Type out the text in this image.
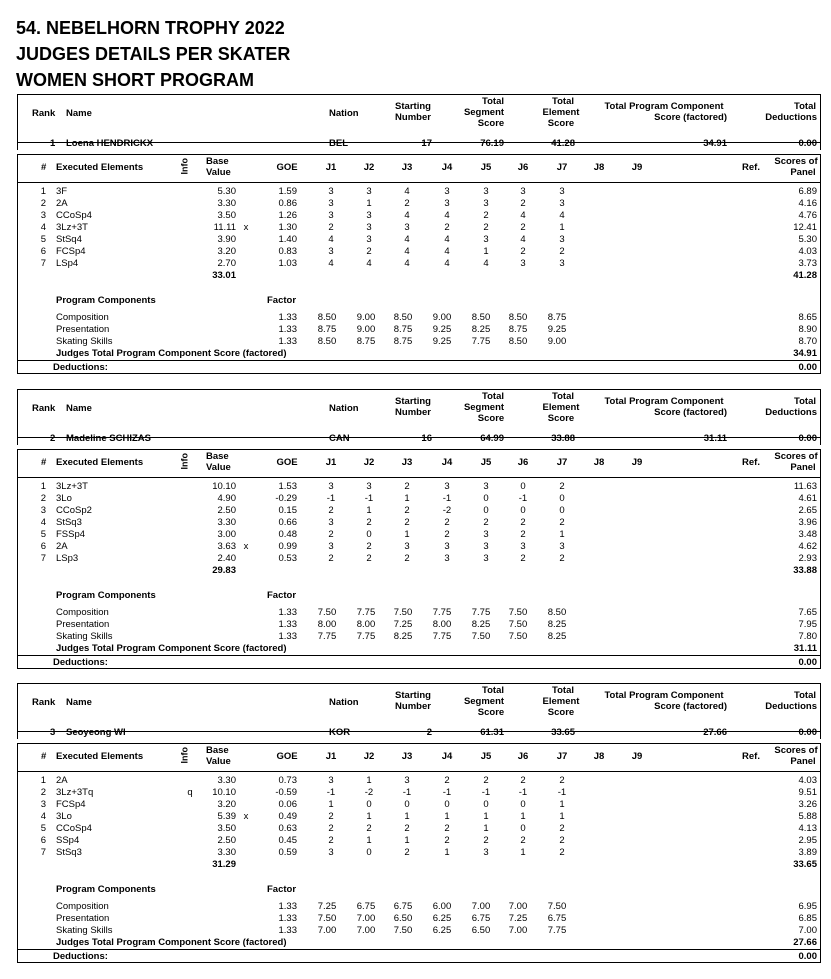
54. NEBELHORN TROPHY 2022
JUDGES DETAILS PER SKATER
WOMEN SHORT PROGRAM
Rank Name	Nation
Starting
Number
Total
Segment
Score
Total
Element
Score
Total Program Component
Score (factored)
Total
Deductions
1 Loena HENDRICKX	BEL	17	76.19	41.28	34.91	0.00
# Executed Elements	Info Base
Value	GOE	J1	J2	J3	J4	J5	J6	J7	J8	J9	Ref.
Scores of
Panel
1 3F	5.30	1.59	3	3	4	3	3	3	3	6.89
2 2A	3.30	0.86	3	1	2	3	3	2	3	4.16
3 CCoSp4	3.50	1.26	3	3	4	4	2	4	4	4.76
4 3Lz+3T	11.11 x	1.30	2	3	3	2	2	2	1	12.41
5 StSq4	3.90	1.40	4	3	4	4	3	4	3	5.30
6 FCSp4	3.20	0.83	3	2	4	4	1	2	2	4.03
7 LSp4	2.70	1.03	4	4	4	4	4	3	3	3.73
33.01	41.28
Program Components	Factor
Composition	1.33 8.50 9.00 8.50 9.00 8.50 8.50 8.75	8.65
Presentation	1.33 8.75 9.00 8.75 9.25 8.25 8.75 9.25	8.90
Skating Skills	1.33 8.50 8.75 8.75 9.25 7.75 8.50 9.00	8.70
Judges Total Program Component Score (factored)	34.91
Deductions:	0.00
Rank Name	Nation
Starting
Number
Total
Segment
Score
Total
Element
Score
Total Program Component
Score (factored)
Total
Deductions
2 Madeline SCHIZAS	CAN	16	64.99	33.88	31.11	0.00
# Executed Elements	Info Base
Value	GOE	J1	J2	J3	J4	J5	J6	J7	J8	J9	Ref.
Scores of
Panel
1 3Lz+3T	10.10	1.53	3	3	2	3	3	0	2	11.63
2 3Lo	4.90	-0.29	-1	-1	1	-1	0	-1	0	4.61
3 CCoSp2	2.50	0.15	2	1	2	-2	0	0	0	2.65
4 StSq3	3.30	0.66	3	2	2	2	2	2	2	3.96
5 FSSp4	3.00	0.48	2	0	1	2	3	2	1	3.48
6 2A	3.63 x	0.99	3	2	3	3	3	3	3	4.62
7 LSp3	2.40	0.53	2	2	2	3	3	2	2	2.93
29.83	33.88
Program Components	Factor
Composition	1.33 7.50 7.75 7.50 7.75 7.75 7.50 8.50	7.65
Presentation	1.33 8.00 8.00 7.25 8.00 8.25 7.50 8.25	7.95
Skating Skills	1.33 7.75 7.75 8.25 7.75 7.50 7.50 8.25	7.80
Judges Total Program Component Score (factored)	31.11
Deductions:	0.00
Rank Name	Nation
Starting
Number
Total
Segment
Score
Total
Element
Score
Total Program Component
Score (factored)
Total
Deductions
3 Seoyeong WI	KOR	2	61.31	33.65	27.66	0.00
# Executed Elements	Info Base
Value	GOE	J1	J2	J3	J4	J5	J6	J7	J8	J9	Ref.
Scores of
Panel
1 2A	3.30	0.73	3	1	3	2	2	2	2	4.03
2 3Lz+3Tq	q 10.10	-0.59	-1	-2	-1	-1	-1	-1	-1	9.51
3 FCSp4	3.20	0.06	1	0	0	0	0	0	1	3.26
4 3Lo	5.39 x	0.49	2	1	1	1	1	1	1	5.88
5 CCoSp4	3.50	0.63	2	2	2	2	1	0	2	4.13
6 SSp4	2.50	0.45	2	1	1	2	2	2	2	2.95
7 StSq3	3.30	0.59	3	0	2	1	3	1	2	3.89
31.29	33.65
Program Components	Factor
Composition	1.33 7.25 6.75 6.75 6.00 7.00 7.00 7.50	6.95
Presentation	1.33 7.50 7.00 6.50 6.25 6.75 7.25 6.75	6.85
Skating Skills	1.33 7.00 7.00 7.50 6.25 6.50 7.00 7.75	7.00
Judges Total Program Component Score (factored)	27.66
Deductions:	0.00
